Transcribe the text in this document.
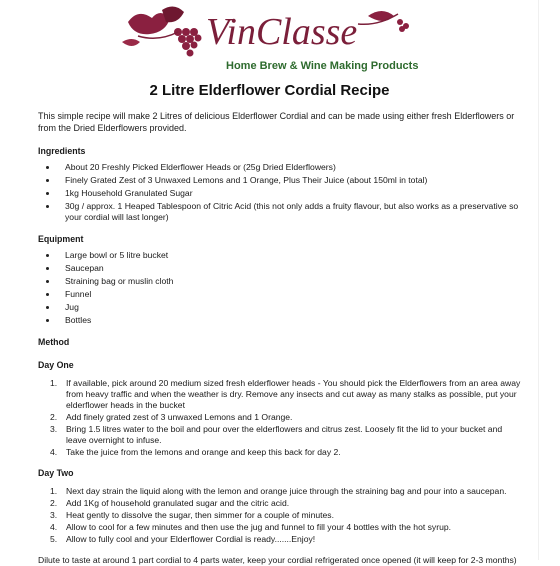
VinClasse
Home Brew & Wine Making Products
2 Litre Elderflower Cordial Recipe

This simple recipe will make 2 Litres of delicious Elderflower Cordial and can be made using either fresh Elderflowers or from the Dried Elderflowers provided.

Ingredients
About 20 Freshly Picked Elderflower Heads or (25g Dried Elderflowers)
Finely Grated Zest of 3 Unwaxed Lemons and 1 Orange, Plus Their Juice (about 150ml in total)
1kg Household Granulated Sugar
30g / approx. 1 Heaped Tablespoon of Citric Acid (this not only adds a fruity flavour, but also works as a preservative so your cordial will last longer)
Equipment
Large bowl or 5 litre bucket
Saucepan
Straining bag or muslin cloth
Funnel
Jug
Bottles
Method
Day One
1. If available, pick around 20 medium sized fresh elderflower heads - You should pick the Elderflowers from an area away from heavy traffic and when the weather is dry. Remove any insects and cut away as many stalks as possible, put your elderflower heads in the bucket
2. Add finely grated zest of 3 unwaxed Lemons and 1 Orange.
3. Bring 1.5 litres water to the boil and pour over the elderflowers and citrus zest. Loosely fit the lid to your bucket and leave overnight to infuse.
4. Take the juice from the lemons and orange and keep this back for day 2.
Day Two
1. Next day strain the liquid along with the lemon and orange juice through the straining bag and pour into a saucepan.
2. Add 1Kg of household granulated sugar and the citric acid.
3. Heat gently to dissolve the sugar, then simmer for a couple of minutes.
4. Allow to cool for a few minutes and then use the jug and funnel to fill your 4 bottles with the hot syrup.
5. Allow to fully cool and your Elderflower Cordial is ready.......Enjoy!

Dilute to taste at around 1 part cordial to 4 parts water, keep your cordial refrigerated once opened (it will keep for 2-3 months)
